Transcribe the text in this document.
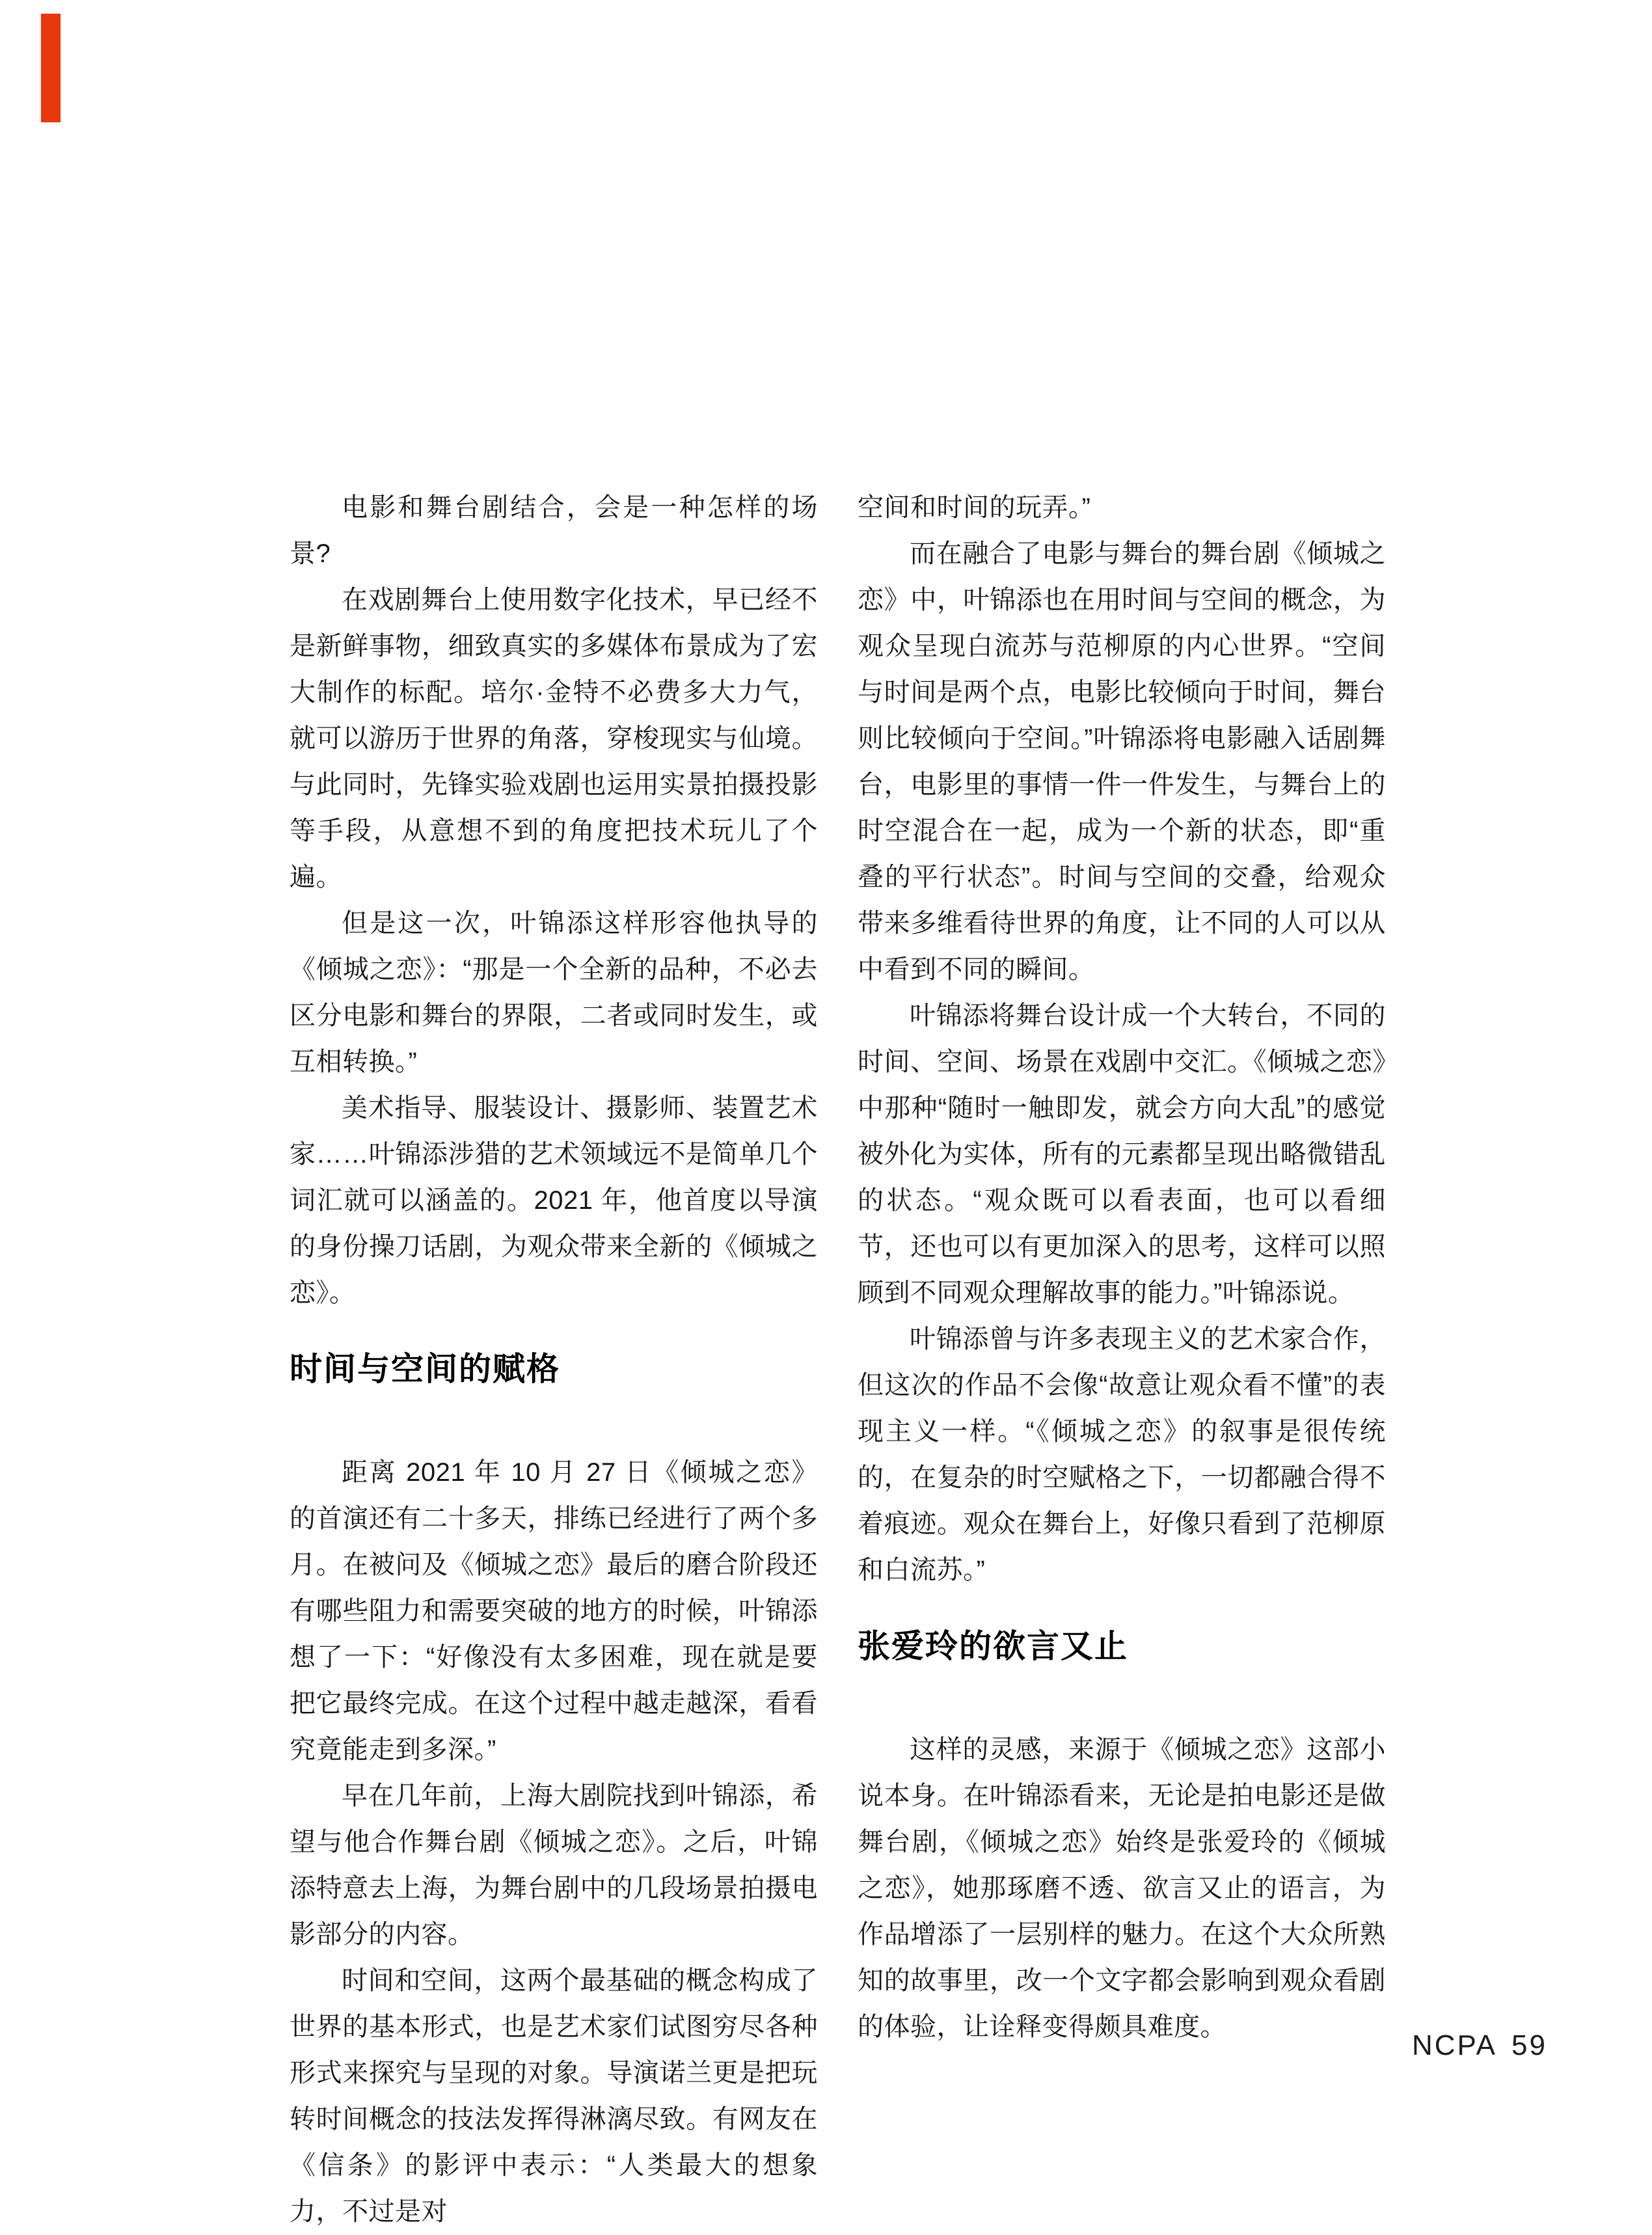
电影和舞台剧结合，会是一种怎样的场景?

在戏剧舞台上使用数字化技术，早已经不是新鲜事物，细致真实的多媒体布景成为了宏大制作的标配。培尔·金特不必费多大力气，就可以游历于世界的角落，穿梭现实与仙境。与此同时，先锋实验戏剧也运用实景拍摄投影等手段，从意想不到的角度把技术玩儿了个遍。

但是这一次，叶锦添这样形容他执导的《倾城之恋》：“那是一个全新的品种，不必去区分电影和舞台的界限，二者或同时发生，或互相转换。”

美术指导、服装设计、摄影师、装置艺术家……叶锦添涉猎的艺术领域远不是简单几个词汇就可以涵盖的。2021 年，他首度以导演的身份操刀话剧，为观众带来全新的《倾城之恋》。

时间与空间的赋格

距离 2021 年 10 月 27 日《倾城之恋》的首演还有二十多天，排练已经进行了两个多月。在被问及《倾城之恋》最后的磨合阶段还有哪些阻力和需要突破的地方的时候，叶锦添想了一下：“好像没有太多困难，现在就是要把它最终完成。在这个过程中越走越深，看看究竟能走到多深。”

早在几年前，上海大剧院找到叶锦添，希望与他合作舞台剧《倾城之恋》。之后，叶锦添特意去上海，为舞台剧中的几段场景拍摄电影部分的内容。

时间和空间，这两个最基础的概念构成了世界的基本形式，也是艺术家们试图穷尽各种形式来探究与呈现的对象。导演诺兰更是把玩转时间概念的技法发挥得淋漓尽致。有网友在《信条》的影评中表示：“人类最大的想象力，不过是对

空间和时间的玩弄。”

而在融合了电影与舞台的舞台剧《倾城之恋》中，叶锦添也在用时间与空间的概念，为观众呈现白流苏与范柳原的内心世界。“空间与时间是两个点，电影比较倾向于时间，舞台则比较倾向于空间。”叶锦添将电影融入话剧舞台，电影里的事情一件一件发生，与舞台上的时空混合在一起，成为一个新的状态，即“重叠的平行状态”。时间与空间的交叠，给观众带来多维看待世界的角度，让不同的人可以从中看到不同的瞬间。

叶锦添将舞台设计成一个大转台，不同的时间、空间、场景在戏剧中交汇。《倾城之恋》中那种“随时一触即发，就会方向大乱”的感觉被外化为实体，所有的元素都呈现出略微错乱的状态。“观众既可以看表面，也可以看细节，还也可以有更加深入的思考，这样可以照顾到不同观众理解故事的能力。”叶锦添说。

叶锦添曾与许多表现主义的艺术家合作，但这次的作品不会像“故意让观众看不懂”的表现主义一样。“《倾城之恋》的叙事是很传统的，在复杂的时空赋格之下，一切都融合得不着痕迹。观众在舞台上，好像只看到了范柳原和白流苏。”

张爱玲的欲言又止

这样的灵感，来源于《倾城之恋》这部小说本身。在叶锦添看来，无论是拍电影还是做舞台剧，《倾城之恋》始终是张爱玲的《倾城之恋》，她那琢磨不透、欲言又止的语言，为作品增添了一层别样的魅力。在这个大众所熟知的故事里，改一个文字都会影响到观众看剧的体验，让诠释变得颇具难度。

NCPA 59
